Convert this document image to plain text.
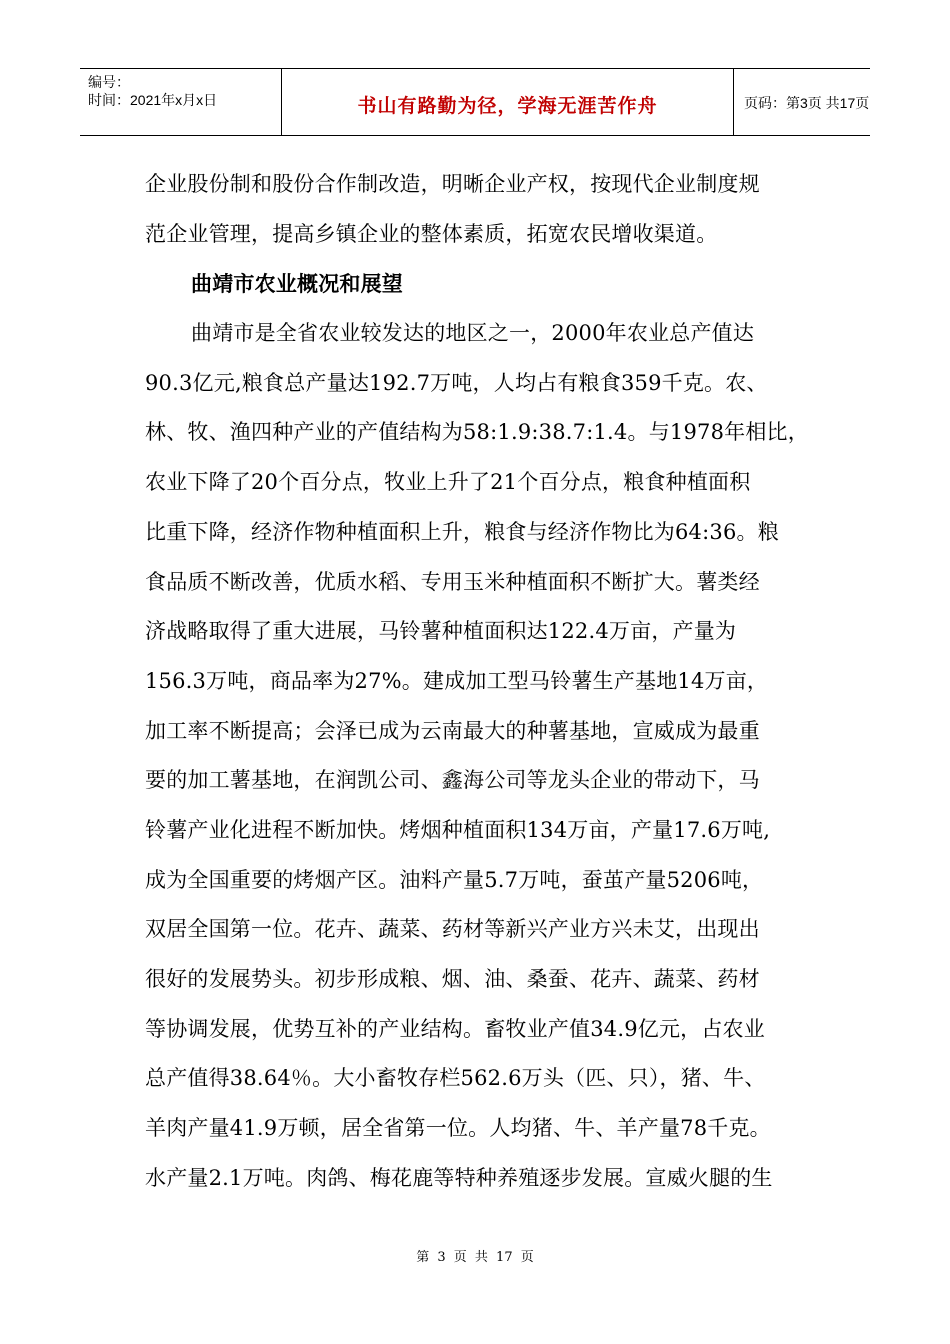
编号：
时间：2021年x月x日	书山有路勤为径，学海无涯苦作舟	页码：第3页 共17页
企业股份制和股份合作制改造，明晰企业产权，按现代企业制度规
范企业管理，提高乡镇企业的整体素质，拓宽农民增收渠道。
曲靖市农业概况和展望
曲靖市是全省农业较发达的地区之一，2000年农业总产值达
90.3亿元,粮食总产量达192.7万吨，人均占有粮食359千克。农、
林、牧、渔四种产业的产值结构为58:1.9:38.7:1.4。与1978年相比，
农业下降了20个百分点，牧业上升了21个百分点，粮食种植面积
比重下降，经济作物种植面积上升，粮食与经济作物比为64:36。粮
食品质不断改善，优质水稻、专用玉米种植面积不断扩大。薯类经
济战略取得了重大进展，马铃薯种植面积达122.4万亩，产量为
156.3万吨，商品率为27%。建成加工型马铃薯生产基地14万亩，
加工率不断提高；会泽已成为云南最大的种薯基地，宣威成为最重
要的加工薯基地，在润凯公司、鑫海公司等龙头企业的带动下，马
铃薯产业化进程不断加快。烤烟种植面积134万亩，产量17.6万吨,
成为全国重要的烤烟产区。油料产量5.7万吨，蚕茧产量5206吨，
双居全国第一位。花卉、蔬菜、药材等新兴产业方兴未艾，出现出
很好的发展势头。初步形成粮、烟、油、桑蚕、花卉、蔬菜、药材
等协调发展，优势互补的产业结构。畜牧业产值34.9亿元，占农业
总产值得38.64％。大小畜牧存栏562.6万头（匹、只），猪、牛、
羊肉产量41.9万顿，居全省第一位。人均猪、牛、羊产量78千克。
水产量2.1万吨。肉鸽、梅花鹿等特种养殖逐步发展。宣威火腿的生
第 3 页 共 17 页
